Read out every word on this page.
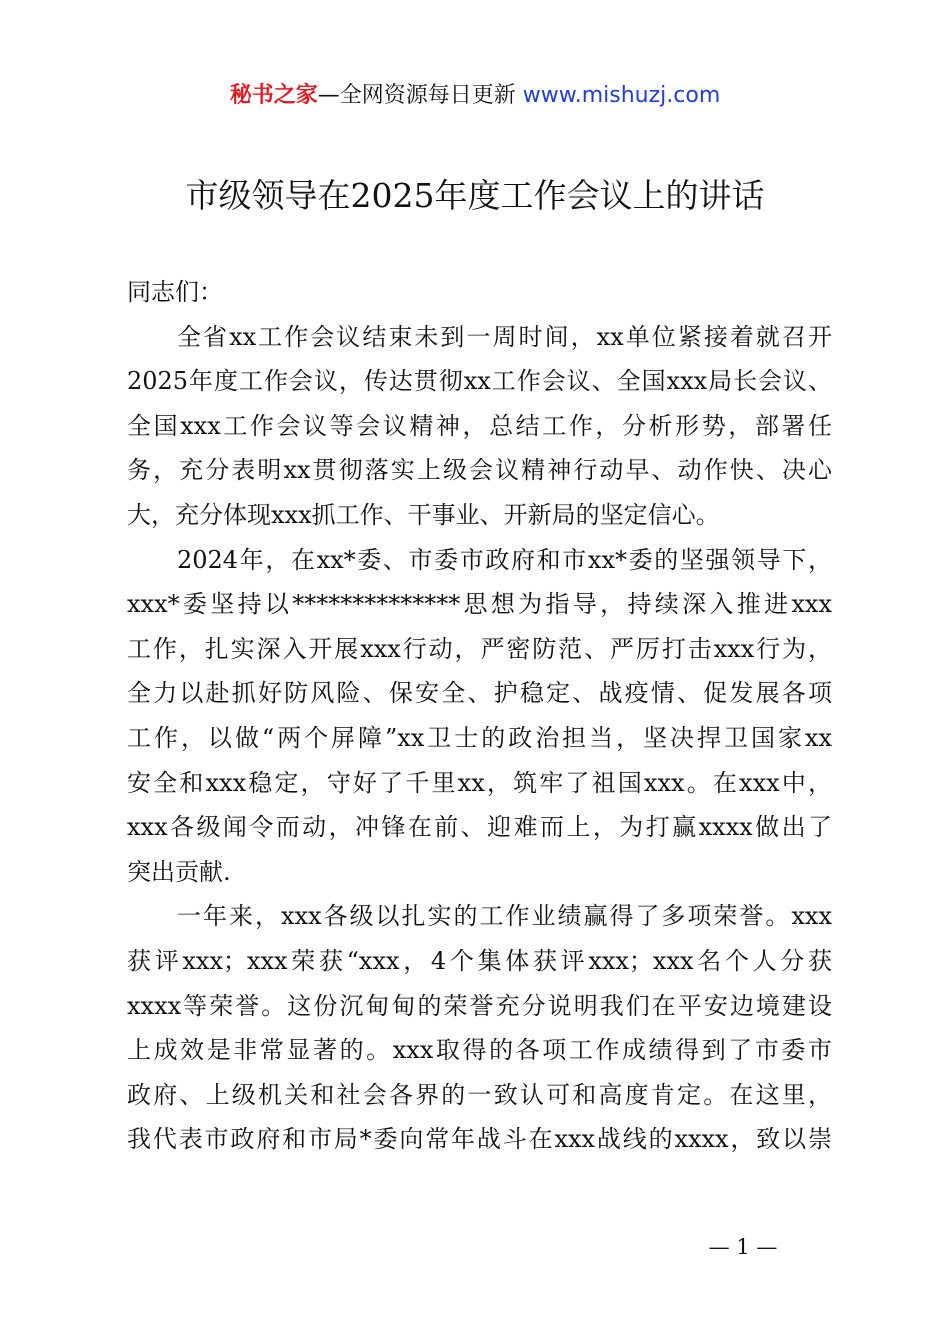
秘书之家—全网资源每日更新 www.mishuzj.com
市级领导在2025年度工作会议上的讲话
同志们：
全省xx工作会议结束未到一周时间，xx单位紧接着就召开
2025年度工作会议，传达贯彻xx工作会议、全国xxx局长会议、
全国xxx工作会议等会议精神，总结工作，分析形势，部署任
务，充分表明xx贯彻落实上级会议精神行动早、动作快、决心
大，充分体现xxx抓工作、干事业、开新局的坚定信心。
2024年，在xx*委、市委市政府和市xx*委的坚强领导下，
xxx*委坚持以**************思想为指导，持续深入推进xxx
工作，扎实深入开展xxx行动，严密防范、严厉打击xxx行为，
全力以赴抓好防风险、保安全、护稳定、战疫情、促发展各项
工作，以做“两个屏障”xx卫士的政治担当，坚决捍卫国家xx
安全和xxx稳定，守好了千里xx，筑牢了祖国xxx。在xxx中，
xxx各级闻令而动，冲锋在前、迎难而上，为打赢xxxx做出了
突出贡献.
一年来，xxx各级以扎实的工作业绩赢得了多项荣誉。xxx
获评xxx；xxx荣获“xxx，4个集体获评xxx；xxx名个人分获
xxxx等荣誉。这份沉甸甸的荣誉充分说明我们在平安边境建设
上成效是非常显著的。xxx取得的各项工作成绩得到了市委市
政府、上级机关和社会各界的一致认可和高度肯定。在这里，
我代表市政府和市局*委向常年战斗在xxx战线的xxxx，致以崇
— 1 —
